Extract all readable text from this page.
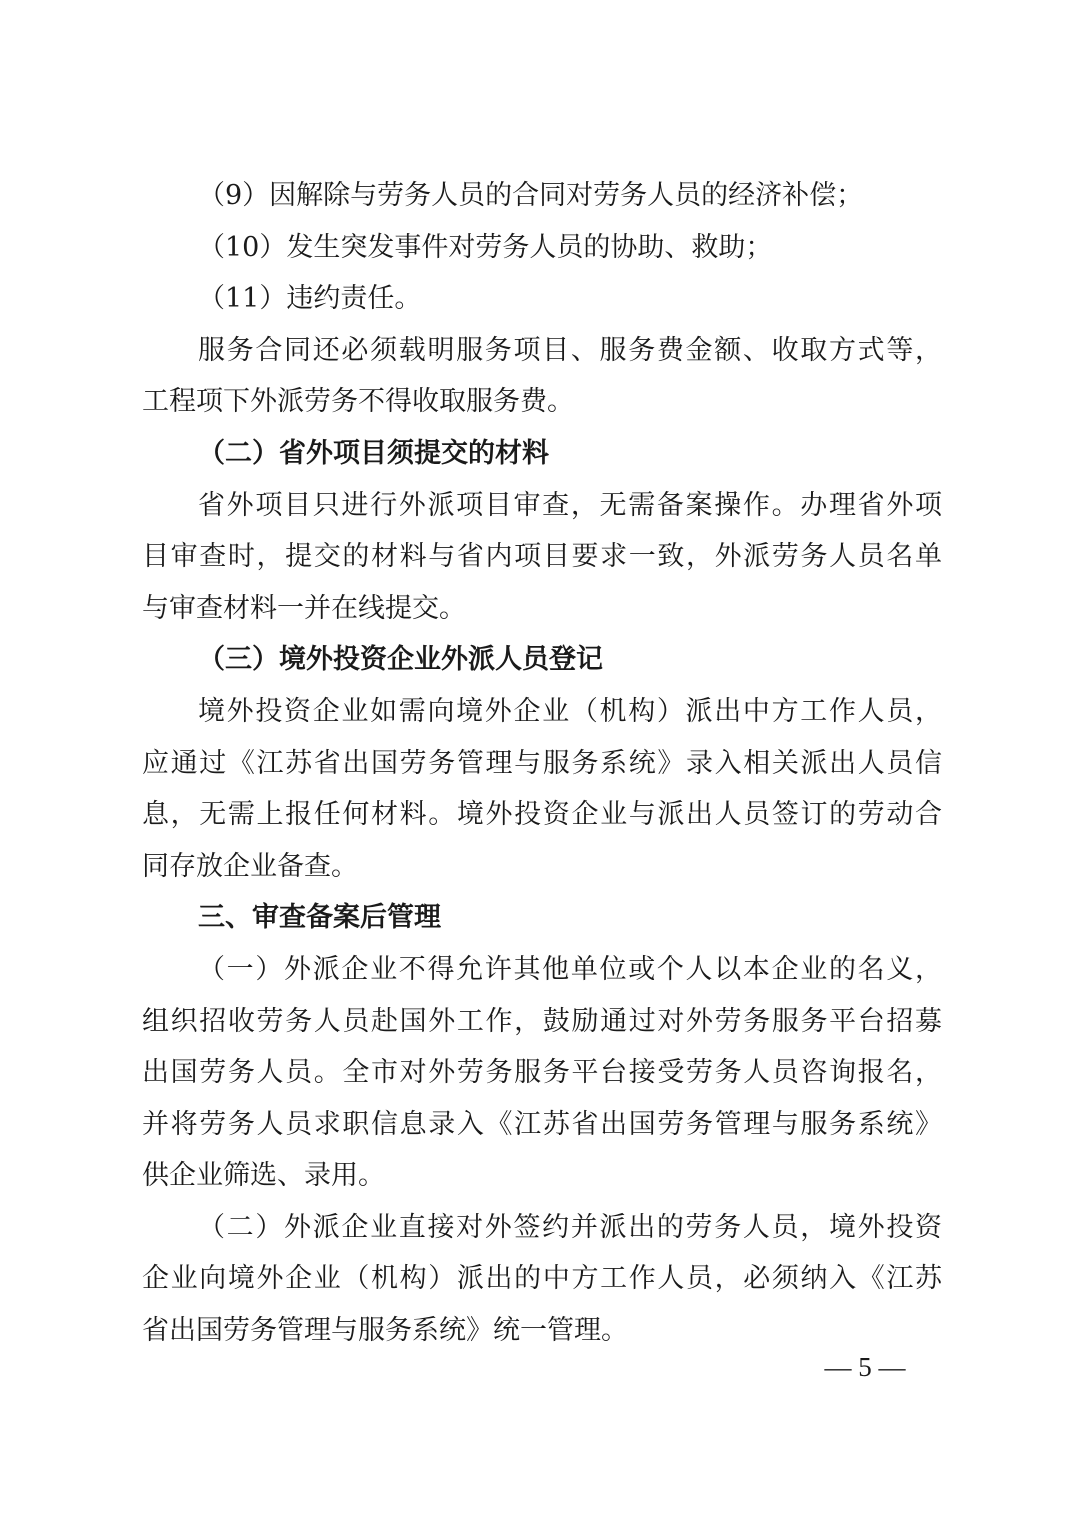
（9）因解除与劳务人员的合同对劳务人员的经济补偿；
（10）发生突发事件对劳务人员的协助、救助；
（11）违约责任。
服务合同还必须载明服务项目、服务费金额、收取方式等，
工程项下外派劳务不得收取服务费。
（二）省外项目须提交的材料
省外项目只进行外派项目审查，无需备案操作。办理省外项
目审查时，提交的材料与省内项目要求一致，外派劳务人员名单
与审查材料一并在线提交。
（三）境外投资企业外派人员登记
境外投资企业如需向境外企业（机构）派出中方工作人员，
应通过《江苏省出国劳务管理与服务系统》录入相关派出人员信
息，无需上报任何材料。境外投资企业与派出人员签订的劳动合
同存放企业备查。
三、审查备案后管理
（一）外派企业不得允许其他单位或个人以本企业的名义，
组织招收劳务人员赴国外工作，鼓励通过对外劳务服务平台招募
出国劳务人员。全市对外劳务服务平台接受劳务人员咨询报名，
并将劳务人员求职信息录入《江苏省出国劳务管理与服务系统》
供企业筛选、录用。
（二）外派企业直接对外签约并派出的劳务人员，境外投资
企业向境外企业（机构）派出的中方工作人员，必须纳入《江苏
省出国劳务管理与服务系统》统一管理。
— 5 —
